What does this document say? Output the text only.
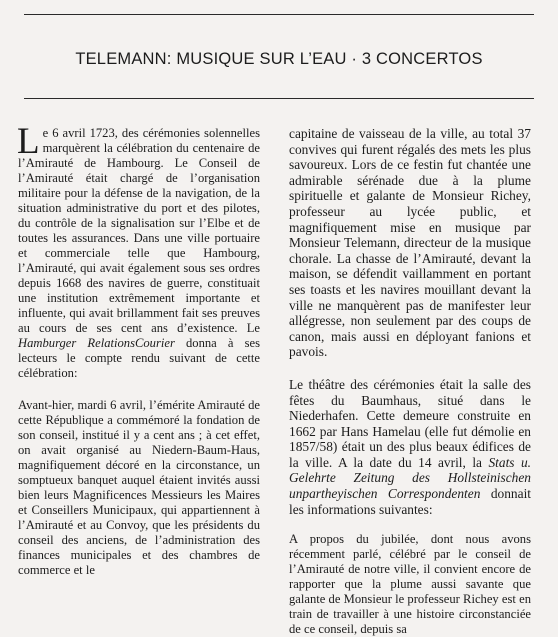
TELEMANN: MUSIQUE SUR L’EAU · 3 CONCERTOS

Le 6 avril 1723, des cérémonies solennelles marquèrent la célébration du centenaire de l’Amirauté de Hambourg. Le Conseil de l’Amirauté était chargé de l’organisation militaire pour la défense de la navigation, de la situation administrative du port et des pilotes, du contrôle de la signalisation sur l’Elbe et de toutes les assurances. Dans une ville portuaire et commerciale telle que Hambourg, l’Amirauté, qui avait également sous ses ordres depuis 1668 des navires de guerre, constituait une institution extrêmement importante et influente, qui avait brillamment fait ses preuves au cours de ses cent ans d’existence. Le Hamburger RelationsCourier donna à ses lecteurs le compte rendu suivant de cette célébration:

Avant-hier, mardi 6 avril, l’émérite Amirauté de cette République a commémoré la fondation de son conseil, institué il y a cent ans ; à cet effet, on avait organisé au Niedern-Baum-Haus, magnifiquement décoré en la circonstance, un somptueux banquet auquel étaient invités aussi bien leurs Magnificences Messieurs les Maires et Conseillers Municipaux, qui appartiennent à l’Amirauté et au Convoy, que les présidents du conseil des anciens, de l’administration des finances municipales et des chambres de commerce et le

capitaine de vaisseau de la ville, au total 37 convives qui furent régalés des mets les plus savoureux. Lors de ce festin fut chantée une admirable sérénade due à la plume spirituelle et galante de Monsieur Richey, professeur au lycée public, et magnifiquement mise en musique par Monsieur Telemann, directeur de la musique chorale. La chasse de l’Amirauté, devant la maison, se défendit vaillamment en portant ses toasts et les navires mouillant devant la ville ne manquèrent pas de manifester leur allégresse, non seulement par des coups de canon, mais aussi en déployant fanions et pavois.

Le théâtre des cérémonies était la salle des fêtes du Baumhaus, situé dans le Niederhafen. Cette demeure construite en 1662 par Hans Hamelau (elle fut démolie en 1857/58) était un des plus beaux édifices de la ville. A la date du 14 avril, la Stats u. Gelehrte Zeitung des Hollsteinischen unpartheyischen Correspondenten donnait les informations suivantes:

A propos du jubilée, dont nous avons récemment parlé, célébré par le conseil de l’Amirauté de notre ville, il convient encore de rapporter que la plume aussi savante que galante de Monsieur le professeur Richey est en train de travailler à une histoire circonstanciée de ce conseil, depuis sa
